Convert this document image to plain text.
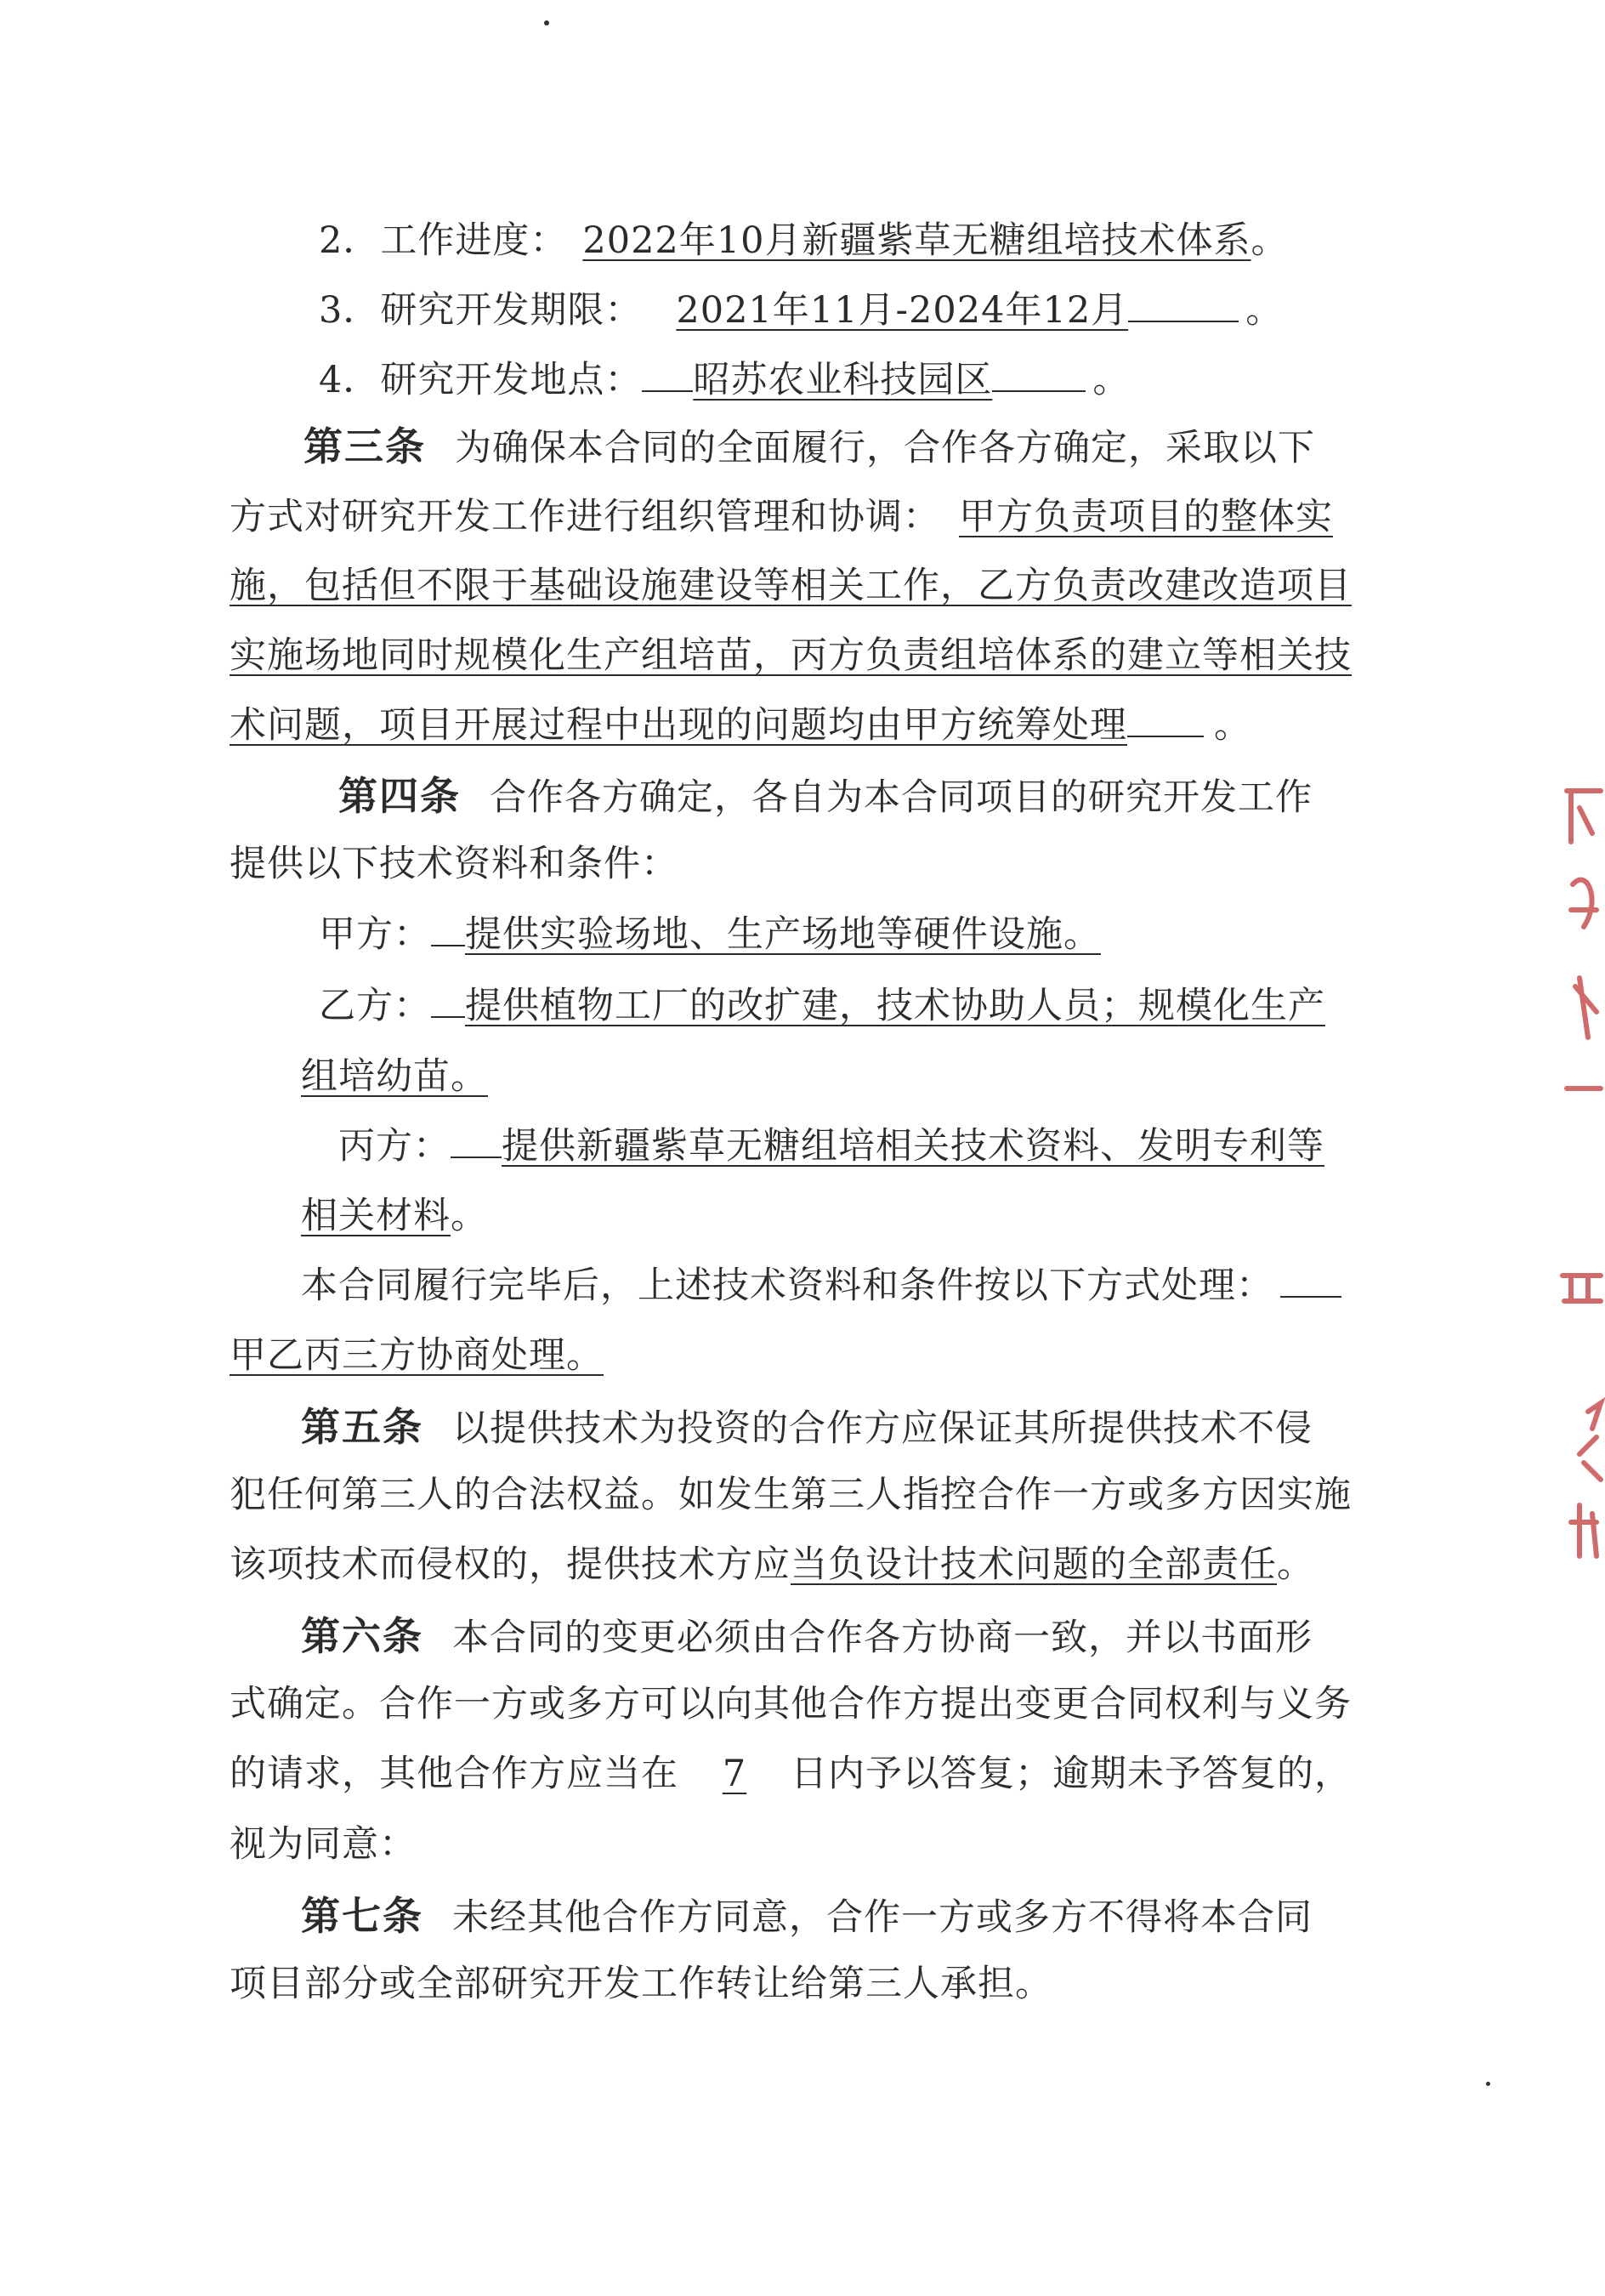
2．工作进度： 2022年10月新疆紫草无糖组培技术体系。
3．研究开发期限： 2021年11月-2024年12月	。
4．研究开发地点： 昭苏农业科技园区	。
第三条 为确保本合同的全面履行，合作各方确定，采取以下
方式对研究开发工作进行组织管理和协调： 甲方负责项目的整体实
施，包括但不限于基础设施建设等相关工作，乙方负责改建改造项目
实施场地同时规模化生产组培苗，丙方负责组培体系的建立等相关技
术问题，项目开展过程中出现的问题均由甲方统筹处理 。
第四条 合作各方确定，各自为本合同项目的研究开发工作
提供以下技术资料和条件：
甲方： 提供实验场地、生产场地等硬件设施。
乙方： 提供植物工厂的改扩建，技术协助人员；规模化生产
组培幼苗。
丙方： 提供新疆紫草无糖组培相关技术资料、发明专利等
相关材料。
本合同履行完毕后，上述技术资料和条件按以下方式处理：
甲乙丙三方协商处理。
第五条 以提供技术为投资的合作方应保证其所提供技术不侵
犯任何第三人的合法权益。如发生第三人指控合作一方或多方因实施
该项技术而侵权的，提供技术方应当负设计技术问题的全部责任。
第六条 本合同的变更必须由合作各方协商一致，并以书面形
式确定。合作一方或多方可以向其他合作方提出变更合同权利与义务
的请求，其他合作方应当在 7 日内予以答复；逾期未予答复的，
视为同意：
第七条 未经其他合作方同意，合作一方或多方不得将本合同
项目部分或全部研究开发工作转让给第三人承担。
